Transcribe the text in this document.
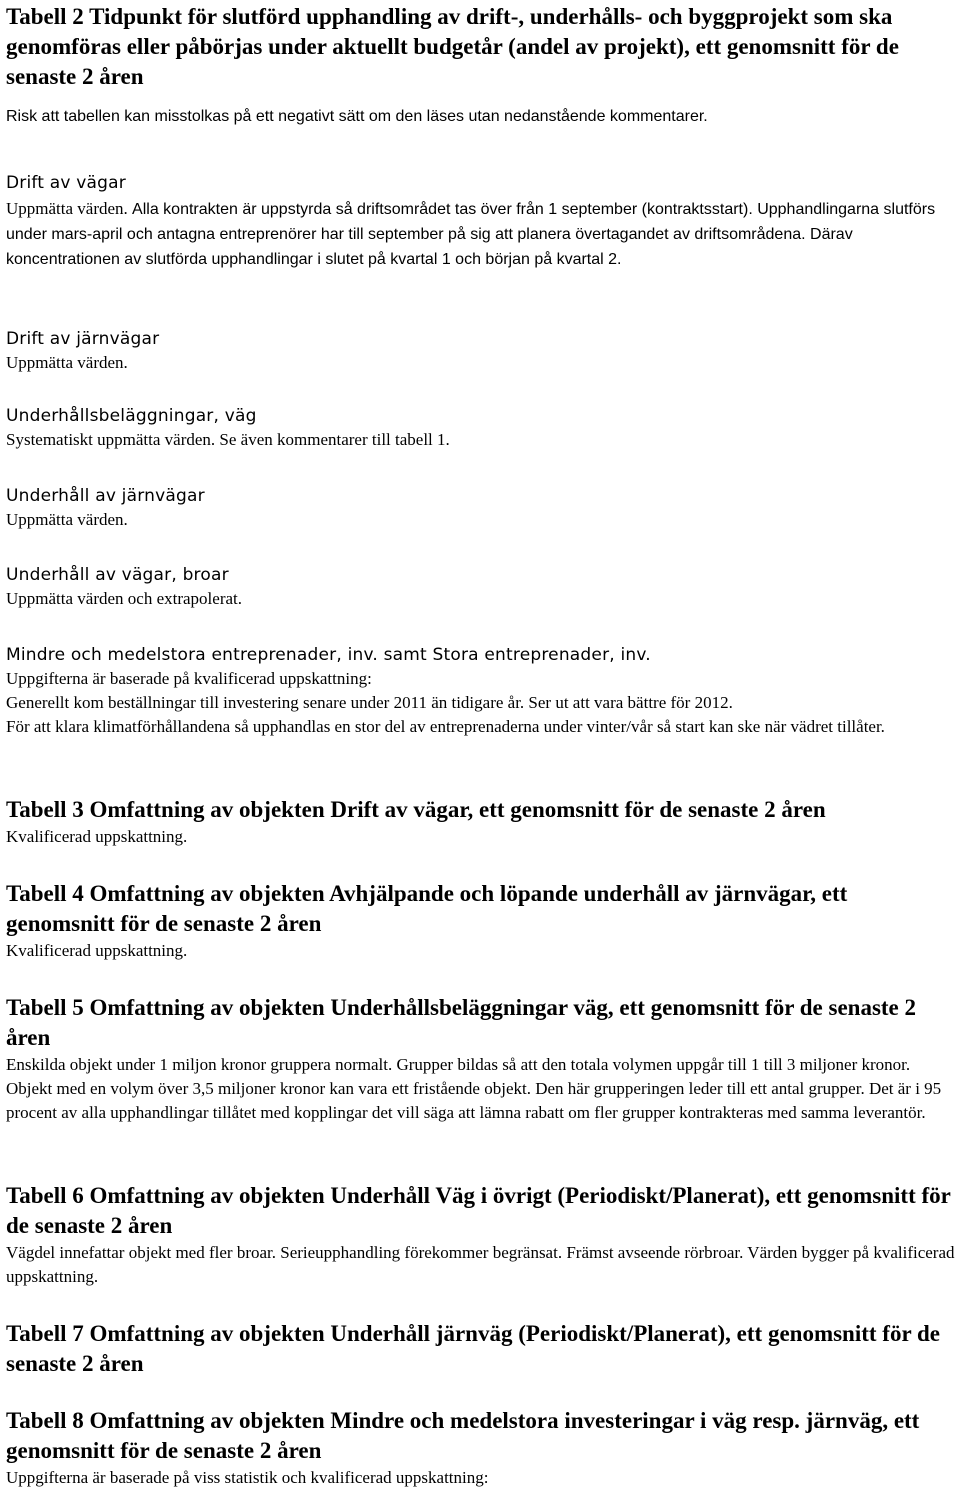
Tabell 2 Tidpunkt för slutförd upphandling av drift-, underhålls- och byggprojekt som ska genomföras eller påbörjas under aktuellt budgetår (andel av projekt), ett genomsnitt för de senaste 2 åren

Risk att tabellen kan misstolkas på ett negativt sätt om den läses utan nedanstående kommentarer.

Drift av vägar

Uppmätta värden. Alla kontrakten är uppstyrda så driftsområdet tas över från 1 september (kontraktsstart). Upphandlingarna slutförs under mars-april och antagna entreprenörer har till september på sig att planera övertagandet av driftsområdena. Därav koncentrationen av slutförda upphandlingar i slutet på kvartal 1 och början på kvartal 2.

Drift av järnvägar

Uppmätta värden.

Underhållsbeläggningar, väg

Systematiskt uppmätta värden. Se även kommentarer till tabell 1.

Underhåll av järnvägar

Uppmätta värden.

Underhåll av vägar, broar

Uppmätta värden och extrapolerat.

Mindre och medelstora entreprenader, inv. samt Stora entreprenader, inv.

Uppgifterna är baserade på kvalificerad uppskattning:

Generellt kom beställningar till investering senare under 2011 än tidigare år. Ser ut att vara bättre för 2012.

För att klara klimatförhållandena så upphandlas en stor del av entreprenaderna under vinter/vår så start kan ske när vädret tillåter.

Tabell 3 Omfattning av objekten Drift av vägar, ett genomsnitt för de senaste 2 åren

Kvalificerad uppskattning.

Tabell 4 Omfattning av objekten Avhjälpande och löpande underhåll av järnvägar, ett genomsnitt för de senaste 2 åren

Kvalificerad uppskattning.

Tabell 5 Omfattning av objekten Underhållsbeläggningar väg, ett genomsnitt för de senaste 2 åren

Enskilda objekt under 1 miljon kronor gruppera normalt. Grupper bildas så att den totala volymen uppgår till 1 till 3 miljoner kronor. Objekt med en volym över 3,5 miljoner kronor kan vara ett fristående objekt. Den här grupperingen leder till ett antal grupper. Det är i 95 procent av alla upphandlingar tillåtet med kopplingar det vill säga att lämna rabatt om fler grupper kontrakteras med samma leverantör.

Tabell 6 Omfattning av objekten Underhåll Väg i övrigt (Periodiskt/Planerat), ett genomsnitt för de senaste 2 åren

Vägdel innefattar objekt med fler broar. Serieupphandling förekommer begränsat. Främst avseende rörbroar. Värden bygger på kvalificerad uppskattning.

Tabell 7 Omfattning av objekten Underhåll järnväg (Periodiskt/Planerat), ett genomsnitt för de senaste 2 åren

Tabell 8 Omfattning av objekten Mindre och medelstora investeringar i väg resp. järnväg, ett genomsnitt för de senaste 2 åren

Uppgifterna är baserade på viss statistik och kvalificerad uppskattning:
